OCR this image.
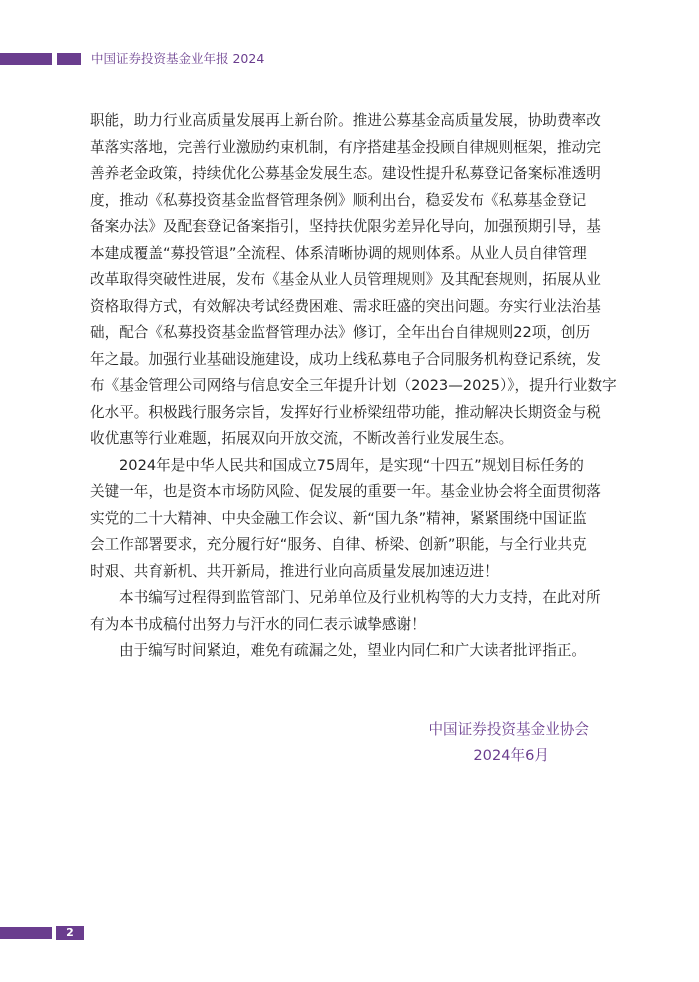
中国证券投资基金业年报 2024
职能，助力行业高质量发展再上新台阶。推进公募基金高质量发展，协助费率改
革落实落地，完善行业激励约束机制，有序搭建基金投顾自律规则框架，推动完
善养老金政策，持续优化公募基金发展生态。建设性提升私募登记备案标准透明
度，推动《私募投资基金监督管理条例》顺利出台，稳妥发布《私募基金登记
备案办法》及配套登记备案指引，坚持扶优限劣差异化导向，加强预期引导，基
本建成覆盖“募投管退”全流程、体系清晰协调的规则体系。从业人员自律管理
改革取得突破性进展，发布《基金从业人员管理规则》及其配套规则，拓展从业
资格取得方式，有效解决考试经费困难、需求旺盛的突出问题。夯实行业法治基
础，配合《私募投资基金监督管理办法》修订，全年出台自律规则22项，创历
年之最。加强行业基础设施建设，成功上线私募电子合同服务机构登记系统，发
布《基金管理公司网络与信息安全三年提升计划（2023—2025）》，提升行业数字
化水平。积极践行服务宗旨，发挥好行业桥梁纽带功能，推动解决长期资金与税
收优惠等行业难题，拓展双向开放交流，不断改善行业发展生态。
2024年是中华人民共和国成立75周年，是实现“十四五”规划目标任务的
关键一年，也是资本市场防风险、促发展的重要一年。基金业协会将全面贯彻落
实党的二十大精神、中央金融工作会议、新“国九条”精神，紧紧围绕中国证监
会工作部署要求，充分履行好“服务、自律、桥梁、创新”职能，与全行业共克
时艰、共育新机、共开新局，推进行业向高质量发展加速迈进！
本书编写过程得到监管部门、兄弟单位及行业机构等的大力支持，在此对所
有为本书成稿付出努力与汗水的同仁表示诚挚感谢！
由于编写时间紧迫，难免有疏漏之处，望业内同仁和广大读者批评指正。
中国证券投资基金业协会
2024年6月
2
